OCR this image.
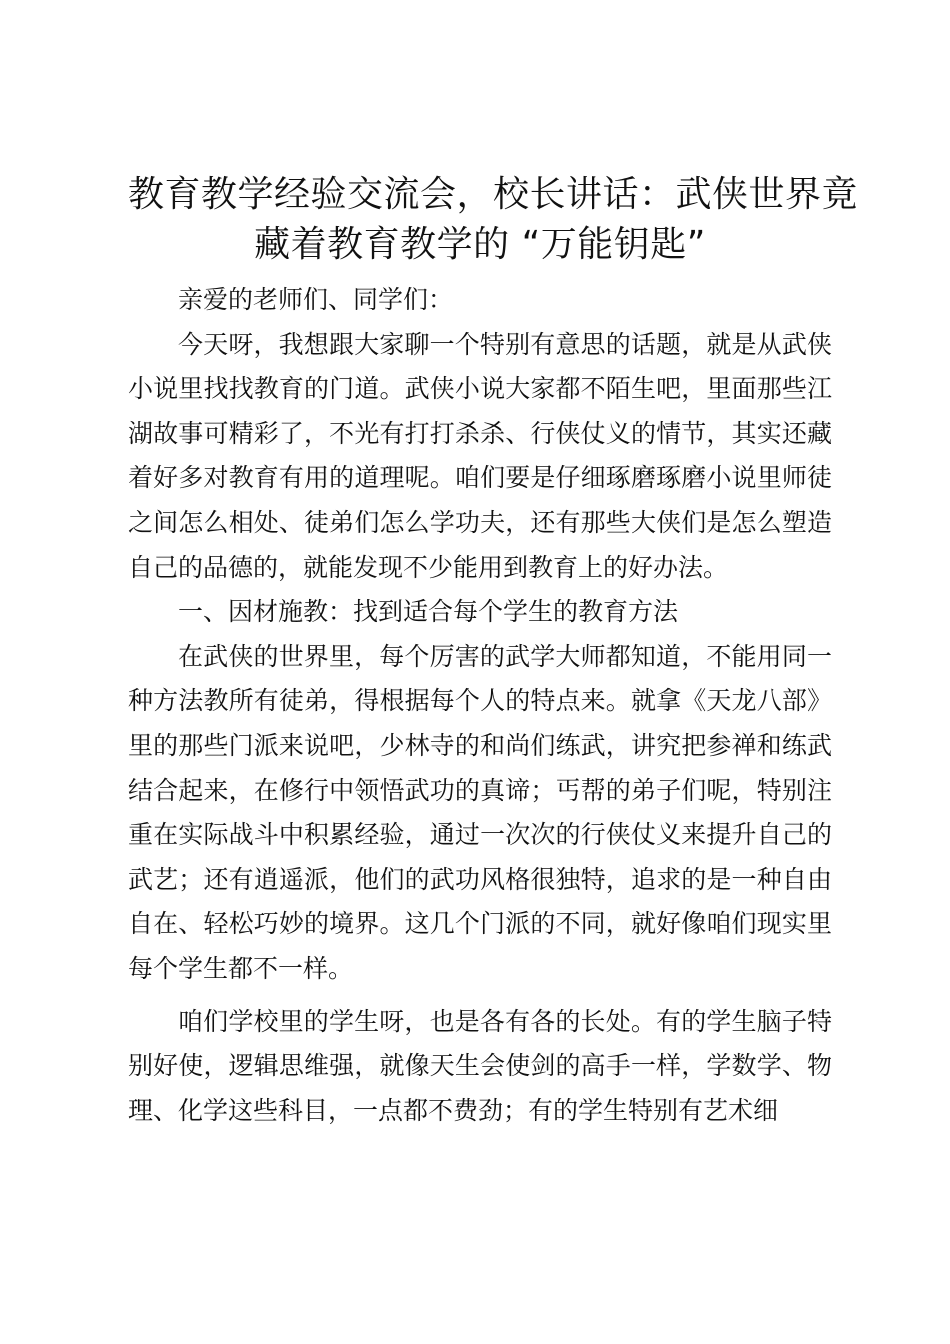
教育教学经验交流会，校长讲话：武侠世界竟
藏着教育教学的 “万能钥匙”

亲爱的老师们、同学们：

今天呀，我想跟大家聊一个特别有意思的话题，就是从武侠小说里找找教育的门道。武侠小说大家都不陌生吧，里面那些江湖故事可精彩了，不光有打打杀杀、行侠仗义的情节，其实还藏着好多对教育有用的道理呢。咱们要是仔细琢磨琢磨小说里师徒之间怎么相处、徒弟们怎么学功夫，还有那些大侠们是怎么塑造自己的品德的，就能发现不少能用到教育上的好办法。

一、因材施教：找到适合每个学生的教育方法

在武侠的世界里，每个厉害的武学大师都知道，不能用同一种方法教所有徒弟，得根据每个人的特点来。就拿《天龙八部》里的那些门派来说吧，少林寺的和尚们练武，讲究把参禅和练武结合起来，在修行中领悟武功的真谛；丐帮的弟子们呢，特别注重在实际战斗中积累经验，通过一次次的行侠仗义来提升自己的武艺；还有逍遥派，他们的武功风格很独特，追求的是一种自由自在、轻松巧妙的境界。这几个门派的不同，就好像咱们现实里每个学生都不一样。

咱们学校里的学生呀，也是各有各的长处。有的学生脑子特别好使，逻辑思维强，就像天生会使剑的高手一样，学数学、物理、化学这些科目，一点都不费劲；有的学生特别有艺术细
